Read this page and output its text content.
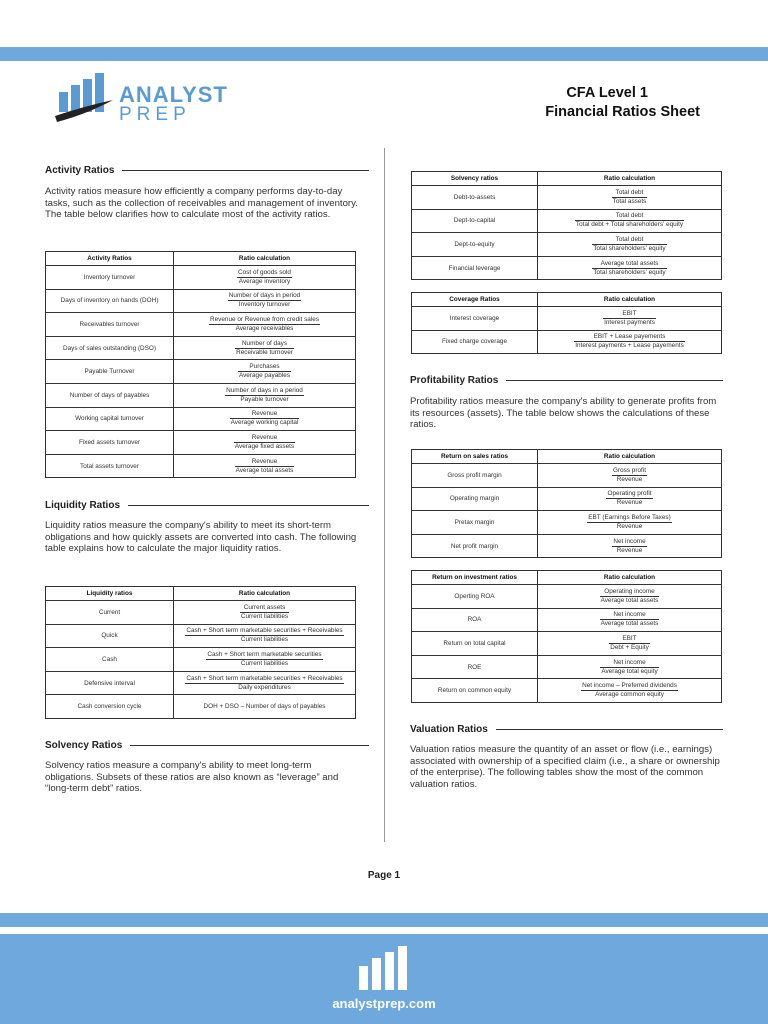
ANALYST
PREP
CFA Level 1
Financial Ratios Sheet
Activity Ratios
Activity ratios measure how efficiently a company performs day-to-day tasks, such as the collection of receivables and management of inventory. The table below clarifies how to calculate most of the activity ratios.
Activity Ratios	Ratio calculation
Inventory turnover	$\frac{\text{Cost of goods sold}}{\text{Average inventory}}$

Days of inventory on hands (DOH)	$\frac{\text{Number of days in period}}{\text{Inventory turnover}}$

Receivables turnover	$\frac{\text{Revenue or Revenue from credit sales}}{\text{Average receivables}}$

Days of sales outstanding (DSO)	$\frac{\text{Number of days}}{\text{Receivable turnover}}$

Payable Turnover	$\frac{\text{Purchases}}{\text{Average payables}}$

Number of days of payables	$\frac{\text{Number of days in a period}}{\text{Payable turnover}}$

Working capital turnover	$\frac{\text{Revenue}}{\text{Average working capital}}$

Fixed assets turnover	$\frac{\text{Revenue}}{\text{Average fixed assets}}$

Total assets turnover	$\frac{\text{Revenue}}{\text{Average total assets}}$
Liquidity Ratios
Liquidity ratios measure the company's ability to meet its short-term obligations and how quickly assets are converted into cash. The following table explains how to calculate the major liquidity ratios.
Liquidity ratios	Ratio calculation
Current	$\frac{\text{Current assets}}{\text{Current liabilities}}$

Quick	$\frac{\text{Cash + Short term marketable securities + Receivables}}{\text{Current liabilities}}$

Cash	$\frac{\text{Cash + Short term marketable securities}}{\text{Current liabilities}}$

Defensive interval	$\frac{\text{Cash + Short term marketable securities + Receivables}}{\text{Daily expenditures}}$

Cash conversion cycle	DOH + DSO – Number of days of payables
Solvency Ratios
Solvency ratios measure a company's ability to meet long-term obligations. Subsets of these ratios are also known as “leverage” and “long-term debt” ratios.
Solvency ratios	Ratio calculation
Debt-to-assets	$\frac{\text{Total debt}}{\text{Total assets}}$

Dept-to-capital	$\frac{\text{Total debt}}{\text{Total debt + Total shareholders' equity}}$

Dept-to-equity	$\frac{\text{Total debt}}{\text{Total shareholders' equity}}$

Financial leverage	$\frac{\text{Average total assets}}{\text{Total shareholders' equity}}$
Coverage Ratios	Ratio calculation
Interest coverage	$\frac{\text{EBIT}}{\text{Interest payments}}$

Fixed charge coverage	$\frac{\text{EBIT + Lease payements}}{\text{Interest payments + Lease payements}}$
Profitability Ratios
Profitability ratios measure the company's ability to generate profits from its resources (assets). The table below shows the calculations of these ratios.
Return on sales ratios	Ratio calculation
Gross profit margin	$\frac{\text{Gross profit}}{\text{Revenue}}$

Operating margin	$\frac{\text{Operating profit}}{\text{Revenue}}$

Pretax margin	$\frac{\text{EBT (Earnings Before Taxes)}}{\text{Revenue}}$

Net profit margin	$\frac{\text{Net income}}{\text{Revenue}}$
Return on investment ratios	Ratio calculation
Operting ROA	$\frac{\text{Operating income}}{\text{Average total assets}}$

ROA	$\frac{\text{Net income}}{\text{Average total assets}}$

Return on total capital	$\frac{\text{EBIT}}{\text{Debt + Equity}}$

ROE	$\frac{\text{Net income}}{\text{Average total equity}}$

Return on common equity	$\frac{\text{Net income – Preferred dividends}}{\text{Average common equity}}$
Valuation Ratios
Valuation ratios measure the quantity of an asset or flow (i.e., earnings) associated with ownership of a specified claim (i.e., a share or ownership of the enterprise). The following tables show the most of the common valuation ratios.
Page 1
analystprep.com
